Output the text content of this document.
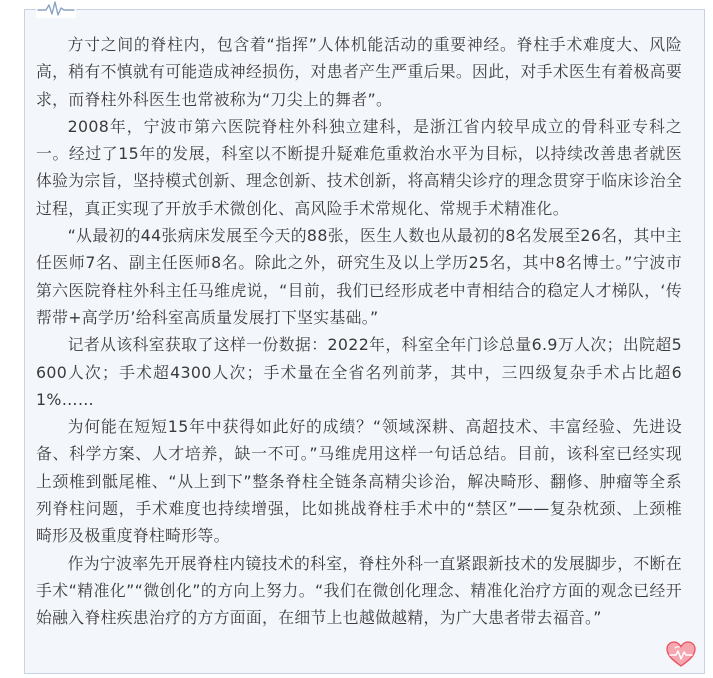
方寸之间的脊柱内，包含着“指挥”人体机能活动的重要神经。脊柱手术难度大、风险高，稍有不慎就有可能造成神经损伤，对患者产生严重后果。因此，对手术医生有着极高要求，而脊柱外科医生也常被称为“刀尖上的舞者”。

2008年，宁波市第六医院脊柱外科独立建科，是浙江省内较早成立的骨科亚专科之一。经过了15年的发展，科室以不断提升疑难危重救治水平为目标，以持续改善患者就医体验为宗旨，坚持模式创新、理念创新、技术创新，将高精尖诊疗的理念贯穿于临床诊治全过程，真正实现了开放手术微创化、高风险手术常规化、常规手术精准化。

“从最初的44张病床发展至今天的88张，医生人数也从最初的8名发展至26名，其中主任医师7名、副主任医师8名。除此之外，研究生及以上学历25名，其中8名博士。”宁波市第六医院脊柱外科主任马维虎说，“目前，我们已经形成老中青相结合的稳定人才梯队，‘传帮带+高学历’给科室高质量发展打下坚实基础。”

记者从该科室获取了这样一份数据：2022年，科室全年门诊总量6.9万人次；出院超5600人次；手术超4300人次；手术量在全省名列前茅，其中，三四级复杂手术占比超61%……

为何能在短短15年中获得如此好的成绩？“领域深耕、高超技术、丰富经验、先进设备、科学方案、人才培养，缺一不可。”马维虎用这样一句话总结。目前，该科室已经实现上颈椎到骶尾椎、“从上到下”整条脊柱全链条高精尖诊治，解决畸形、翻修、肿瘤等全系列脊柱问题，手术难度也持续增强，比如挑战脊柱手术中的“禁区”——复杂枕颈、上颈椎畸形及极重度脊柱畸形等。

作为宁波率先开展脊柱内镜技术的科室，脊柱外科一直紧跟新技术的发展脚步，不断在手术“精准化”“微创化”的方向上努力。“我们在微创化理念、精准化治疗方面的观念已经开始融入脊柱疾患治疗的方方面面，在细节上也越做越精，为广大患者带去福音。”
